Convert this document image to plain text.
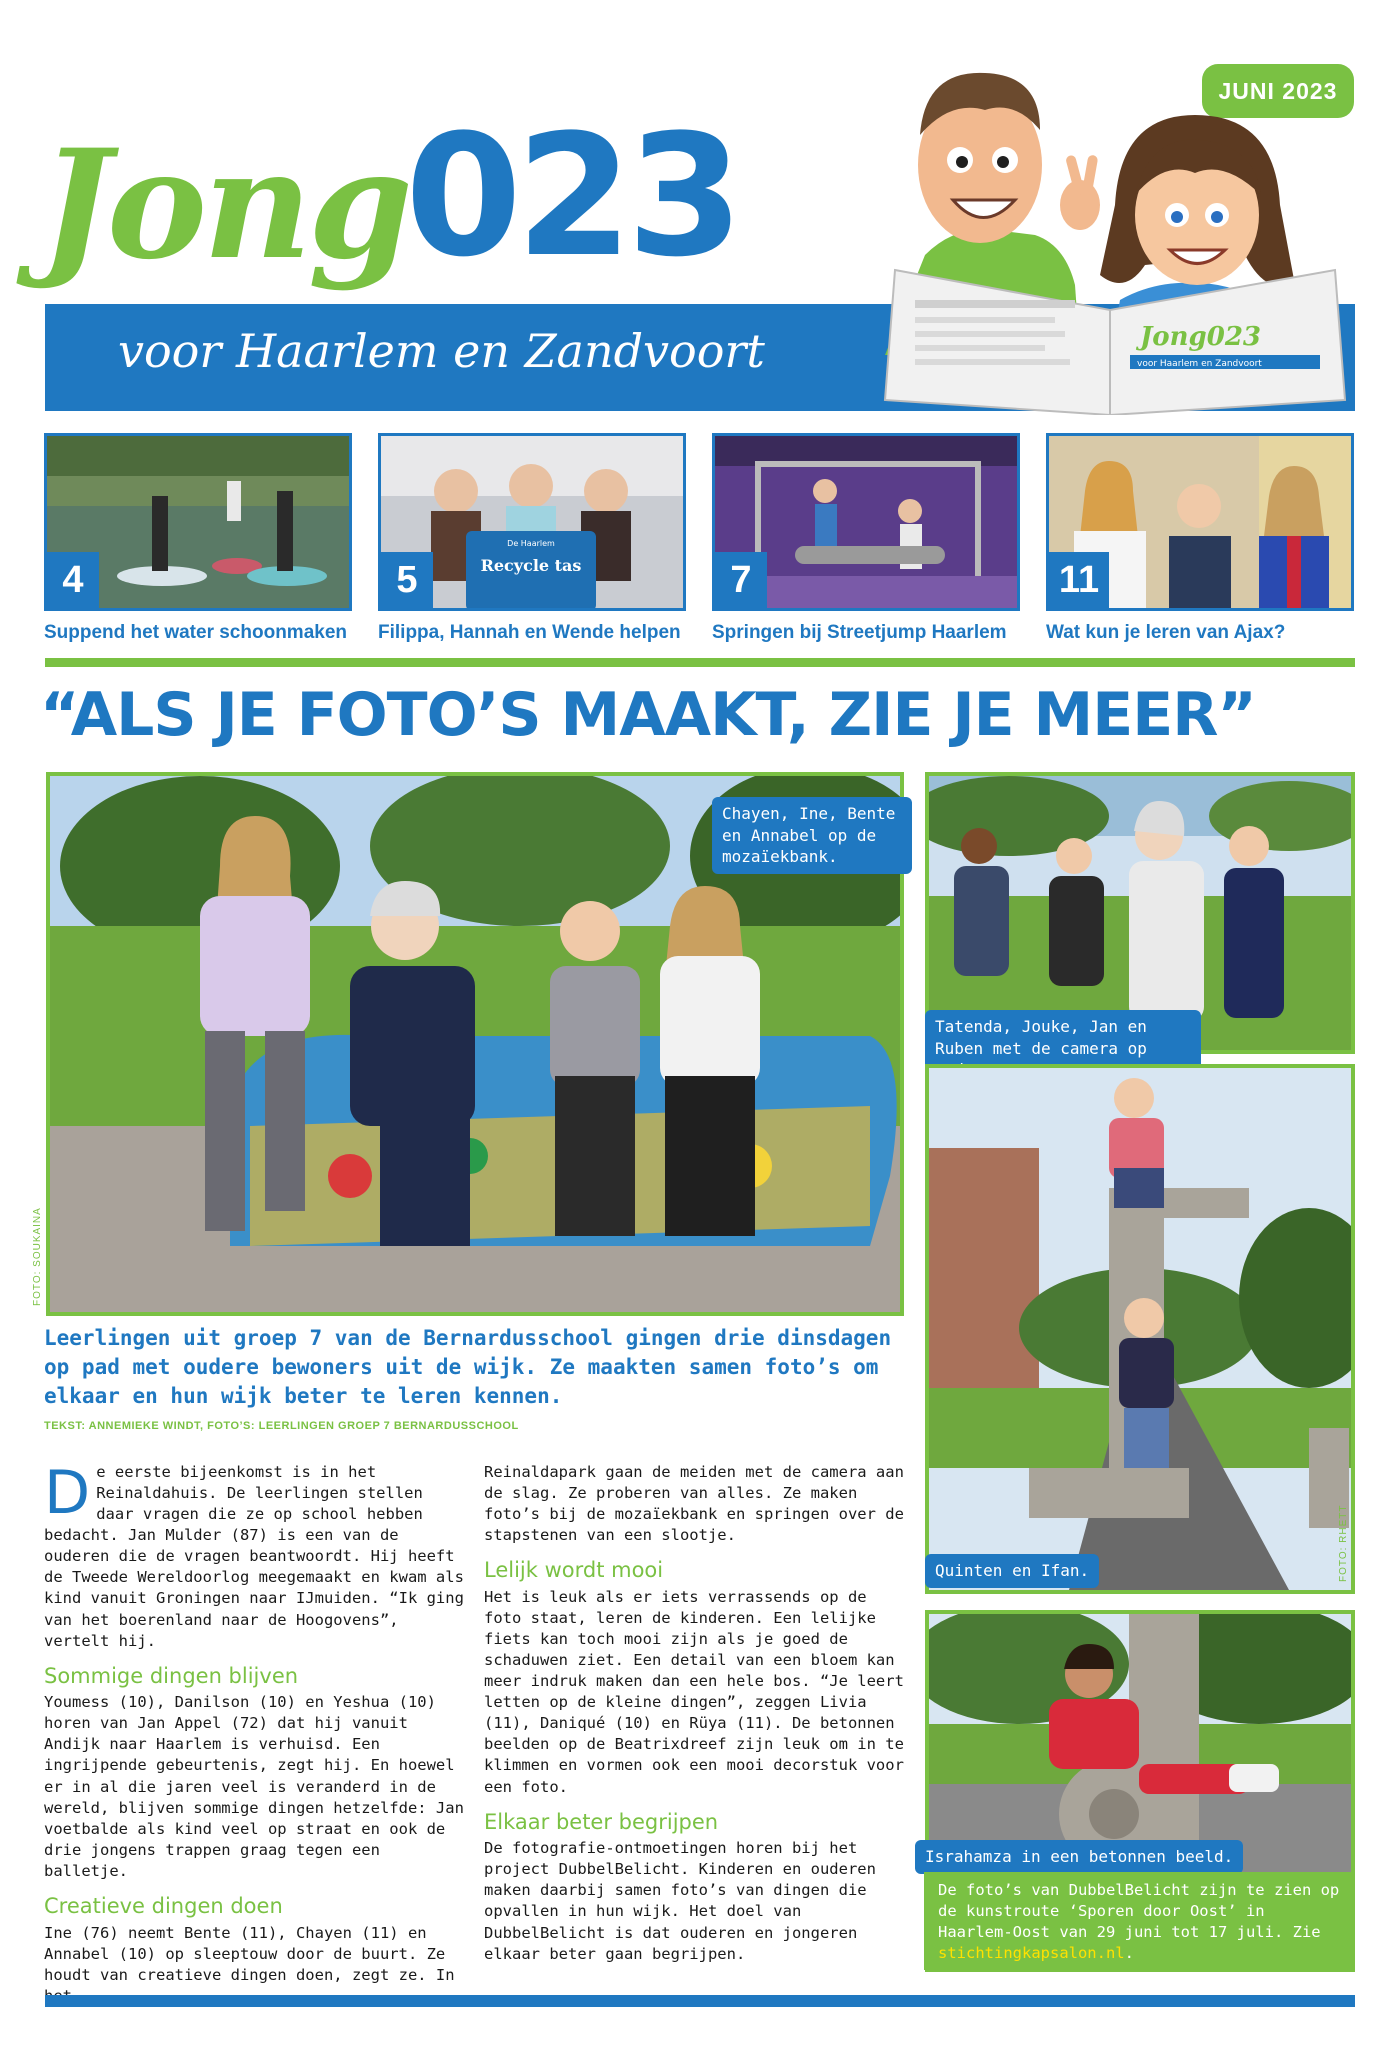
JUNI 2023
Jong
023
voor Haarlem en Zandvoort	Jong023
voor Haarlem en Zandvoort
4
De Haarlem
Recycle tas
5	7	11
Suppend het water schoonmaken Filippa, Hannah en Wende helpen Springen bij Streetjump Haarlem Wat kun je leren van Ajax?
“ALS JE FOTO’S MAAKT, ZIE JE MEER”
Chayen, Ine, Bente en Annabel op de mozaïekbank.
FOTO: SOUKAINA
Tatenda, Jouke, Jan en Ruben met de camera op
Quinten en Ifan.	FOTO: RHETT
Israhamza in een betonnen beeld.
De foto’s van DubbelBelicht zijn te zien op de kunstroute ‘Sporen door Oost’ in Haarlem-Oost van 29 juni tot 17 juli. Zie stichtingkapsalon.nl.
Leerlingen uit groep 7 van de Bernardusschool gingen drie dinsdagen op pad met oudere bewoners uit de wijk. Ze maakten samen foto’s om elkaar en hun wijk beter te leren kennen.
TEKST: ANNEMIEKE WINDT, FOTO’S: LEERLINGEN GROEP 7 BERNARDUSSCHOOL

De eerste bijeenkomst is in het Reinaldahuis. De leerlingen stellen daar vragen die ze op school hebben bedacht. Jan Mulder (87) is een van de ouderen die de vragen beantwoordt. Hij heeft de Tweede Wereldoorlog meegemaakt en kwam als kind vanuit Groningen naar IJmuiden. “Ik ging van het boerenland naar de Hoogovens”, vertelt hij.

Sommige dingen blijven

Youmess (10), Danilson (10) en Yeshua (10) horen van Jan Appel (72) dat hij vanuit Andijk naar Haarlem is verhuisd. Een ingrijpende gebeurtenis, zegt hij. En hoewel er in al die jaren veel is veranderd in de wereld, blijven sommige dingen hetzelfde: Jan voetbalde als kind veel op straat en ook de drie jongens trappen graag tegen een balletje.

Creatieve dingen doen

Ine (76) neemt Bente (11), Chayen (11) en Annabel (10) op sleeptouw door de buurt. Ze houdt van creatieve dingen doen, zegt ze. In

Reinaldapark gaan de meiden met de camera aan de slag. Ze proberen van alles. Ze maken foto’s bij de mozaïekbank en springen over de stapstenen van een slootje.

Lelijk wordt mooi

Het is leuk als er iets verrassends op de foto staat, leren de kinderen. Een lelijke fiets kan toch mooi zijn als je goed de schaduwen ziet. Een detail van een bloem kan meer indruk maken dan een hele bos. “Je leert letten op de kleine dingen”, zeggen Livia (11), Daniqué (10) en Rüya (11). De betonnen beelden op de Beatrixdreef zijn leuk om in te klimmen en vormen ook een mooi decorstuk voor een foto.

Elkaar beter begrijpen

De fotografie-ontmoetingen horen bij het project DubbelBelicht. Kinderen en ouderen maken daarbij samen foto’s van dingen die opvallen in hun wijk. Het doel van DubbelBelicht is dat ouderen en jongeren elkaar beter gaan begrijpen.
